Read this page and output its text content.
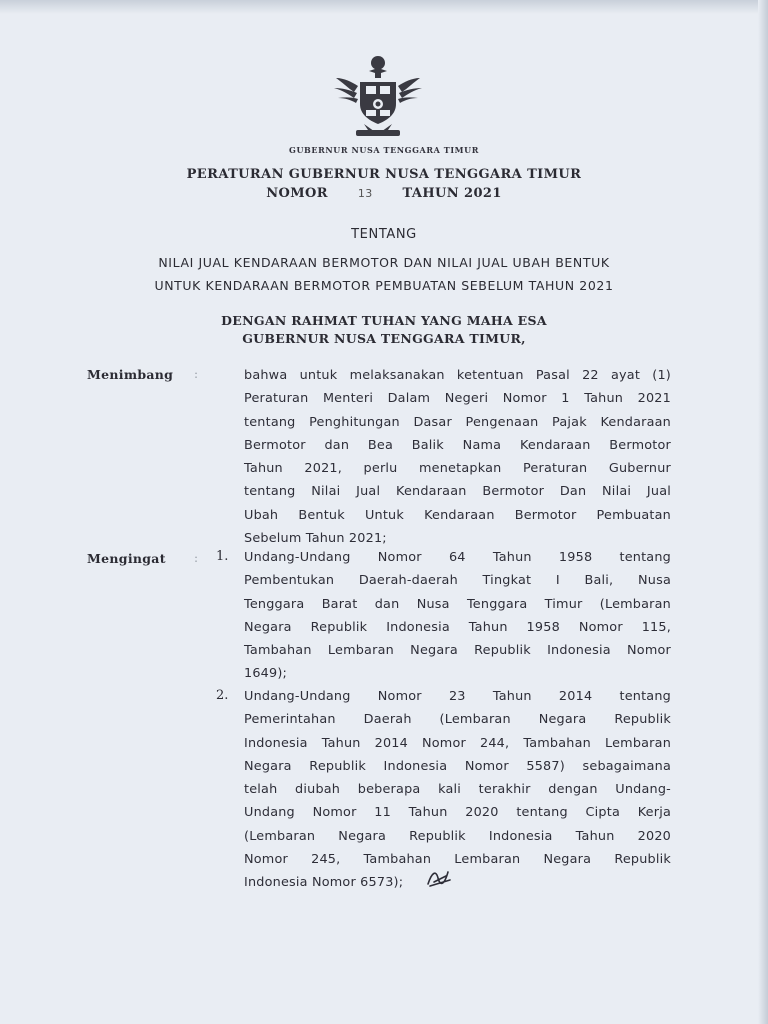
GUBERNUR NUSA TENGGARA TIMUR
PERATURAN GUBERNUR NUSA TENGGARA TIMUR
NOMOR	13 TAHUN 2021
TENTANG
NILAI JUAL KENDARAAN BERMOTOR DAN NILAI JUAL UBAH BENTUK
UNTUK KENDARAAN BERMOTOR PEMBUATAN SEBELUM TAHUN 2021
DENGAN RAHMAT TUHAN YANG MAHA ESA
GUBERNUR NUSA TENGGARA TIMUR,
Menimbang :	bahwa untuk melaksanakan ketentuan Pasal 22 ayat (1)
Peraturan Menteri Dalam Negeri Nomor 1 Tahun 2021
tentang Penghitungan Dasar Pengenaan Pajak Kendaraan
Bermotor dan Bea Balik Nama Kendaraan Bermotor
Tahun 2021, perlu menetapkan Peraturan Gubernur
tentang Nilai Jual Kendaraan Bermotor Dan Nilai Jual
Ubah Bentuk Untuk Kendaraan Bermotor Pembuatan
Sebelum Tahun 2021;
Mengingat : 1. Undang-Undang Nomor 64 Tahun 1958 tentang
Pembentukan Daerah-daerah Tingkat I Bali, Nusa
Tenggara Barat dan Nusa Tenggara Timur (Lembaran
Negara Republik Indonesia Tahun 1958 Nomor 115,
Tambahan Lembaran Negara Republik Indonesia Nomor
1649);
2. Undang-Undang Nomor 23 Tahun 2014 tentang
Pemerintahan Daerah (Lembaran Negara Republik
Indonesia Tahun 2014 Nomor 244, Tambahan Lembaran
Negara Republik Indonesia Nomor 5587) sebagaimana
telah diubah beberapa kali terakhir dengan Undang-
Undang Nomor 11 Tahun 2020 tentang Cipta Kerja
(Lembaran Negara Republik Indonesia Tahun 2020
Nomor 245, Tambahan Lembaran Negara Republik
Indonesia Nomor 6573);
